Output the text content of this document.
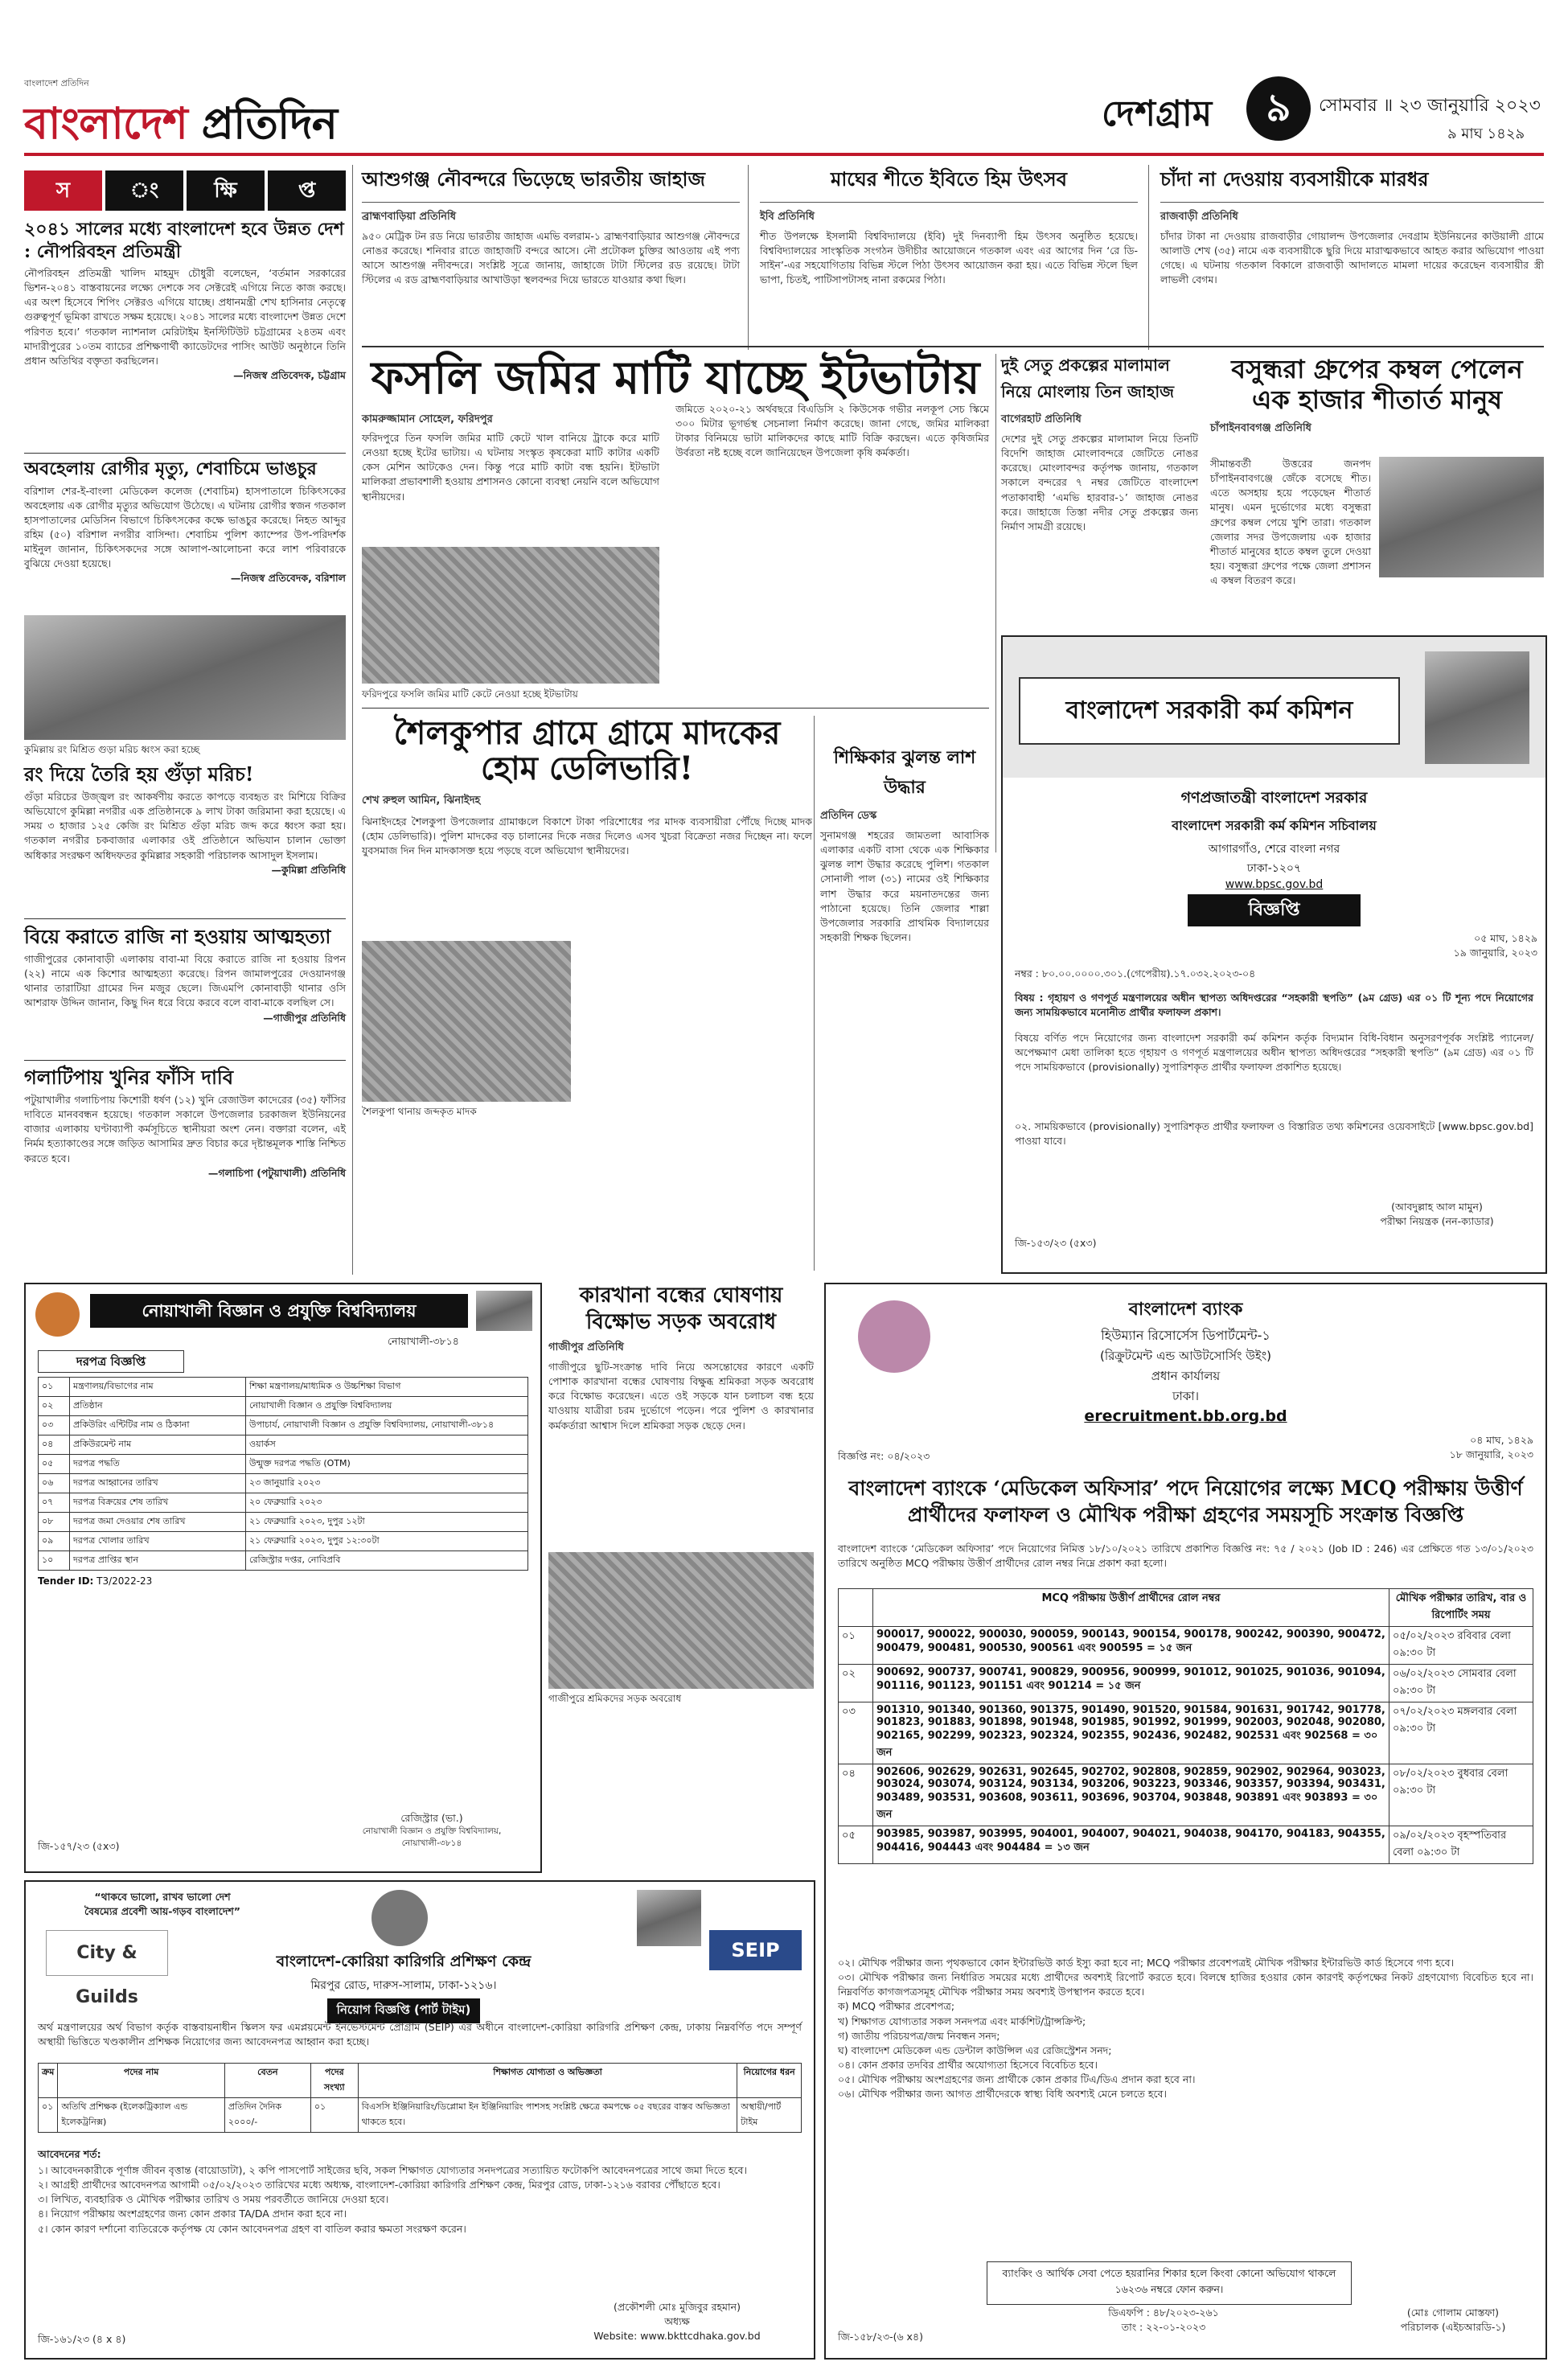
বাংলাদেশ প্রতিদিন
বাংলাদেশ প্রতিদিন	দেশগ্রাম	৯	সোমবার ॥ ২৩ জানুয়ারি ২০২৩
৯ মাঘ ১৪২৯
স	ং	ক্ষি	প্ত
২০৪১ সালের মধ্যে বাংলাদেশ হবে উন্নত দেশ : নৌপরিবহন প্রতিমন্ত্রী

নৌপরিবহন প্রতিমন্ত্রী খালিদ মাহমুদ চৌধুরী বলেছেন, ‘বর্তমান সরকারের ভিশন-২০৪১ বাস্তবায়নের লক্ষ্যে দেশকে সব সেক্টরেই এগিয়ে নিতে কাজ করছে। এর অংশ হিসেবে শিপিং সেক্টরও এগিয়ে যাচ্ছে। প্রধানমন্ত্রী শেখ হাসিনার নেতৃত্বে গুরুত্বপূর্ণ ভূমিকা রাখতে সক্ষম হয়েছে। ২০৪১ সালের মধ্যে বাংলাদেশ উন্নত দেশে পরিণত হবে।’ গতকাল ন্যাশনাল মেরিটাইম ইনস্টিটিউট চট্টগ্রামের ২৪তম এবং মাদারীপুরের ১০তম ব্যাচের প্রশিক্ষণার্থী ক্যাডেটদের পাসিং আউট অনুষ্ঠানে তিনি প্রধান অতিথির বক্তৃতা করছিলেন।

—নিজস্ব প্রতিবেদক, চট্টগ্রাম

অবহেলায় রোগীর মৃত্যু, শেবাচিমে ভাঙচুর

বরিশাল শের-ই-বাংলা মেডিকেল কলেজ (শেবাচিম) হাসপাতালে চিকিৎসকের অবহেলায় এক রোগীর মৃত্যুর অভিযোগ উঠেছে। এ ঘটনায় রোগীর স্বজন গতকাল হাসপাতালের মেডিসিন বিভাগে চিকিৎসকের কক্ষে ভাঙচুর করেছে। নিহত আব্দুর রহিম (৫০) বরিশাল নগরীর বাসিন্দা। শেবাচিম পুলিশ ক্যাম্পের উপ-পরিদর্শক মাইনুল জানান, চিকিৎসকদের সঙ্গে আলাপ-আলোচনা করে লাশ পরিবারকে বুঝিয়ে দেওয়া হয়েছে।

—নিজস্ব প্রতিবেদক, বরিশাল

কুমিল্লায় রং মিশ্রিত গুড়া মরিচ ধ্বংস করা হচ্ছে
রং দিয়ে তৈরি হয় গুঁড়া মরিচ!

গুঁড়া মরিচের উজ্জ্বল রং আকর্ষণীয় করতে কাপড়ে ব্যবহৃত রং মিশিয়ে বিক্রির অভিযোগে কুমিল্লা নগরীর এক প্রতিষ্ঠানকে ৯ লাখ টাকা জরিমানা করা হয়েছে। এ সময় ৩ হাজার ১২৫ কেজি রং মিশ্রিত গুঁড়া মরিচ জব্দ করে ধ্বংস করা হয়। গতকাল নগরীর চকবাজার এলাকার ওই প্রতিষ্ঠানে অভিযান চালান ভোক্তা অধিকার সংরক্ষণ অধিদফতর কুমিল্লার সহকারী পরিচালক আসাদুল ইসলাম।

—কুমিল্লা প্রতিনিধি

বিয়ে করাতে রাজি না হওয়ায় আত্মহত্যা

গাজীপুরের কোনাবাড়ী এলাকায় বাবা-মা বিয়ে করাতে রাজি না হওয়ায় রিপন (২২) নামে এক কিশোর আত্মহত্যা করেছে। রিপন জামালপুরের দেওয়ানগঞ্জ থানার তারাটিয়া গ্রামের দিন মজুর ছেলে। জিএমপি কোনাবাড়ী থানার ওসি আশরাফ উদ্দিন জানান, কিছু দিন ধরে বিয়ে করবে বলে বাবা-মাকে বলছিল সে।

—গাজীপুর প্রতিনিধি

গলাটিপায় খুনির ফাঁসি দাবি

পটুয়াখালীর গলাচিপায় কিশোরী ধর্ষণ (১২) খুনি রেজাউল কাদেরের (৩৫) ফাঁসির দাবিতে মানববন্ধন হয়েছে। গতকাল সকালে উপজেলার চরকাজল ইউনিয়নের বাজার এলাকায় ঘণ্টাব্যাপী কর্মসূচিতে স্থানীয়রা অংশ নেন। বক্তারা বলেন, এই নির্মম হত্যাকাণ্ডের সঙ্গে জড়িত আসামির দ্রুত বিচার করে দৃষ্টান্তমূলক শাস্তি নিশ্চিত করতে হবে।

—গলাচিপা (পটুয়াখালী) প্রতিনিধি

আশুগঞ্জ নৌবন্দরে ভিড়েছে ভারতীয় জাহাজ

ব্রাহ্মণবাড়িয়া প্রতিনিধি

৯৫০ মেট্রিক টন রড নিয়ে ভারতীয় জাহাজ এমভি বলরাম-১ ব্রাহ্মণবাড়িয়ার আশুগঞ্জ নৌবন্দরে নোঙর করেছে। শনিবার রাতে জাহাজটি বন্দরে আসে। নৌ প্রটোকল চুক্তির আওতায় এই পণ্য আসে আশুগঞ্জ নদীবন্দরে। সংশ্লিষ্ট সূত্রে জানায়, জাহাজে টাটা স্টিলের রড রয়েছে। টাটা স্টিলের এ রড ব্রাহ্মণবাড়িয়ার আখাউড়া স্থলবন্দর দিয়ে ভারতে যাওয়ার কথা ছিল।

মাঘের শীতে ইবিতে হিম উৎসব

ইবি প্রতিনিধি

শীত উপলক্ষে ইসলামী বিশ্ববিদ্যালয়ে (ইবি) দুই দিনব্যাপী হিম উৎসব অনুষ্ঠিত হয়েছে। বিশ্ববিদ্যালয়ের সাংস্কৃতিক সংগঠন উদীচীর আয়োজনে গতকাল এবং এর আগের দিন ‘রে ডি-সাইন’-এর সহযোগিতায় বিভিন্ন স্টলে পিঠা উৎসব আয়োজন করা হয়। এতে বিভিন্ন স্টলে ছিল ভাপা, চিতই, পাটিসাপটাসহ নানা রকমের পিঠা।

চাঁদা না দেওয়ায় ব্যবসায়ীকে মারধর

রাজবাড়ী প্রতিনিধি

চাঁদার টাকা না দেওয়ায় রাজবাড়ীর গোয়ালন্দ উপজেলার দেবগ্রাম ইউনিয়নের কাউয়ালী গ্রামে আলাউ শেখ (৩৫) নামে এক ব্যবসায়ীকে ছুরি দিয়ে মারাত্মকভাবে আহত করার অভিযোগ পাওয়া গেছে। এ ঘটনায় গতকাল বিকালে রাজবাড়ী আদালতে মামলা দায়ের করেছেন ব্যবসায়ীর স্ত্রী লাভলী বেগম।

ফসলি জমির মাটি যাচ্ছে ইটভাটায়

কামরুজ্জামান সোহেল, ফরিদপুর

ফরিদপুরে তিন ফসলি জমির মাটি কেটে খাল বানিয়ে ট্রাকে করে মাটি নেওয়া হচ্ছে ইটের ভাটায়। এ ঘটনায় সংস্কৃত কৃষকেরা মাটি কাটার একটি কেস মেশিন আটকেও দেন। কিন্তু পরে মাটি কাটা বন্ধ হয়নি। ইটভাটা মালিকরা প্রভাবশালী হওয়ায় প্রশাসনও কোনো ব্যবস্থা নেয়নি বলে অভিযোগ স্থানীয়দের।
ফরিদপুরে ফসলি জমির মাটি কেটে নেওয়া হচ্ছে ইটভাটায়
জমিতে ২০২০-২১ অর্থবছরে বিএডিসি ২ কিউসেক গভীর নলকূপ সেচ স্কিমে ৩০০ মিটার ভূগর্ভস্থ সেচনালা নির্মাণ করেছে। জানা গেছে, জমির মালিকরা টাকার বিনিময়ে ভাটা মালিকদের কাছে মাটি বিক্রি করছেন। এতে কৃষিজমির উর্বরতা নষ্ট হচ্ছে বলে জানিয়েছেন উপজেলা কৃষি কর্মকর্তা।
দুই সেতু প্রকল্পের মালামাল নিয়ে মোংলায় তিন জাহাজ

বাগেরহাট প্রতিনিধি

দেশের দুই সেতু প্রকল্পের মালামাল নিয়ে তিনটি বিদেশি জাহাজ মোংলাবন্দরে জেটিতে নোঙর করেছে। মোংলাবন্দর কর্তৃপক্ষ জানায়, গতকাল সকালে বন্দরের ৭ নম্বর জেটিতে বাংলাদেশ পতাকাবাহী ‘এমভি হারবার-১’ জাহাজ নোঙর করে। জাহাজে তিস্তা নদীর সেতু প্রকল্পের জন্য নির্মাণ সামগ্রী রয়েছে।

বসুন্ধরা গ্রুপের কম্বল পেলেন এক হাজার শীতার্ত মানুষ

চাঁপাইনবাবগঞ্জ প্রতিনিধি

সীমান্তবর্তী উত্তরের জনপদ চাঁপাইনবাবগঞ্জে জেঁকে বসেছে শীত। এতে অসহায় হয়ে পড়েছেন শীতার্ত মানুষ। এমন দুর্ভোগের মধ্যে বসুন্ধরা গ্রুপের কম্বল পেয়ে খুশি তারা। গতকাল জেলার সদর উপজেলায় এক হাজার শীতার্ত মানুষের হাতে কম্বল তুলে দেওয়া হয়। বসুন্ধরা গ্রুপের পক্ষে জেলা প্রশাসন এ কম্বল বিতরণ করে।
শৈলকুপার গ্রামে গ্রামে মাদকের হোম ডেলিভারি!

শেখ রুহুল আমিন, ঝিনাইদহ

ঝিনাইদহের শৈলকুপা উপজেলার গ্রামাঞ্চলে বিকাশে টাকা পরিশোধের পর মাদক ব্যবসায়ীরা পৌঁছে দিচ্ছে মাদক (হোম ডেলিভারি)। পুলিশ মাদকের বড় চালানের দিকে নজর দিলেও এসব খুচরা বিক্রেতা নজর দিচ্ছেন না। ফলে যুবসমাজ দিন দিন মাদকাসক্ত হয়ে পড়ছে বলে অভিযোগ স্থানীয়দের।

শৈলকুপা থানায় জব্দকৃত মাদক
শিক্ষিকার ঝুলন্ত লাশ উদ্ধার

প্রতিদিন ডেস্ক

সুনামগঞ্জ শহরের জামতলা আবাসিক এলাকার একটি বাসা থেকে এক শিক্ষিকার ঝুলন্ত লাশ উদ্ধার করেছে পুলিশ। গতকাল সোনালী পাল (৩১) নামের ওই শিক্ষিকার লাশ উদ্ধার করে ময়নাতদন্তের জন্য পাঠানো হয়েছে। তিনি জেলার শাল্লা উপজেলার সরকারি প্রাথমিক বিদ্যালয়ের সহকারী শিক্ষক ছিলেন।

বাংলাদেশ সরকারী কর্ম কমিশন
গণপ্রজাতন্ত্রী বাংলাদেশ সরকার
বাংলাদেশ সরকারী কর্ম কমিশন সচিবালয়
আগারগাঁও, শেরে বাংলা নগর
ঢাকা-১২০৭
www.bpsc.gov.bd
বিজ্ঞপ্তি
০৫ মাঘ, ১৪২৯
১৯ জানুয়ারি, ২০২৩
নম্বর : ৮০.০০.০০০০.৩০১.(গেপেরীয়).১৭.০৩২.২০২৩-০৪
বিষয় : গৃহায়ণ ও গণপূর্ত মন্ত্রণালয়ের অধীন স্থাপত্য অধিদপ্তরের “সহকারী স্থপতি” (৯ম গ্রেড) এর ০১ টি শূন্য পদে নিয়োগের জন্য সাময়িকভাবে মনোনীত প্রার্থীর ফলাফল প্রকাশ।
বিষয়ে বর্ণিত পদে নিয়োগের জন্য বাংলাদেশ সরকারী কর্ম কমিশন কর্তৃক বিদ্যমান বিধি-বিধান অনুসরণপূর্বক সংশ্লিষ্ট প্যানেল/অপেক্ষমাণ মেধা তালিকা হতে গৃহায়ণ ও গণপূর্ত মন্ত্রণালয়ের অধীন স্থাপত্য অধিদপ্তরের “সহকারী স্থপতি” (৯ম গ্রেড) এর ০১ টি পদে সাময়িকভাবে (provisionally) সুপারিশকৃত প্রার্থীর ফলাফল প্রকাশিত হয়েছে।
০২. সাময়িকভাবে (provisionally) সুপারিশকৃত প্রার্থীর ফলাফল ও বিস্তারিত তথ্য কমিশনের ওয়েবসাইটে [www.bpsc.gov.bd] পাওয়া যাবে।
(আবদুল্লাহ আল মামুন)
পরীক্ষা নিয়ন্ত্রক (নন-ক্যাডার)
জি-১৫৩/২৩ (৫x৩)
নোয়াখালী বিজ্ঞান ও প্রযুক্তি বিশ্ববিদ্যালয়
নোয়াখালী-৩৮১৪
দরপত্র বিজ্ঞপ্তি
০১	মন্ত্রণালয়/বিভাগের নাম	শিক্ষা মন্ত্রণালয়/মাধ্যমিক ও উচ্চশিক্ষা বিভাগ
০২	প্রতিষ্ঠান	নোয়াখালী বিজ্ঞান ও প্রযুক্তি বিশ্ববিদ্যালয়
০৩	প্রকিউরিং এন্টিটির নাম ও ঠিকানা	উপাচার্য, নোয়াখালী বিজ্ঞান ও প্রযুক্তি বিশ্ববিদ্যালয়, নোয়াখালী-৩৮১৪
০৪	প্রকিউরমেন্ট নাম	ওয়ার্কস
০৫	দরপত্র পদ্ধতি	উন্মুক্ত দরপত্র পদ্ধতি (OTM)
০৬	দরপত্র আহ্বানের তারিখ	২৩ জানুয়ারি ২০২৩
০৭	দরপত্র বিক্রয়ের শেষ তারিখ	২০ ফেব্রুয়ারি ২০২৩
০৮	দরপত্র জমা দেওয়ার শেষ তারিখ	২১ ফেব্রুয়ারি ২০২৩, দুপুর ১২টা
০৯	দরপত্র খোলার তারিখ	২১ ফেব্রুয়ারি ২০২৩, দুপুর ১২:৩০টা
১০	দরপত্র প্রাপ্তির স্থান	রেজিস্ট্রার দপ্তর, নোবিপ্রবি
Tender ID: T3/2022-23
রেজিস্ট্রার (ভা.)
নোয়াখালী বিজ্ঞান ও প্রযুক্তি বিশ্ববিদ্যালয়, নোয়াখালী-৩৮১৪
জি-১৫৭/২৩ (৫x৩)
কারখানা বন্ধের ঘোষণায় বিক্ষোভ সড়ক অবরোধ

গাজীপুর প্রতিনিধি

গাজীপুরে ছুটি-সংক্রান্ত দাবি নিয়ে অসন্তোষের কারণে একটি পোশাক কারখানা বন্ধের ঘোষণায় বিক্ষুব্ধ শ্রমিকরা সড়ক অবরোধ করে বিক্ষোভ করেছেন। এতে ওই সড়কে যান চলাচল বন্ধ হয়ে যাওয়ায় যাত্রীরা চরম দুর্ভোগে পড়েন। পরে পুলিশ ও কারখানার কর্মকর্তারা আশ্বাস দিলে শ্রমিকরা সড়ক ছেড়ে দেন।

গাজীপুরে শ্রমিকদের সড়ক অবরোধ
বাংলাদেশ ব্যাংক
হিউম্যান রিসোর্সেস ডিপার্টমেন্ট-১
(রিক্রুটমেন্ট এন্ড আউটসোর্সিং উইং)
প্রধান কার্যালয়
ঢাকা।
erecruitment.bb.org.bd
বিজ্ঞপ্তি নং: ০৪/২০২৩
০৪ মাঘ, ১৪২৯
১৮ জানুয়ারি, ২০২৩
বাংলাদেশ ব্যাংকে ‘মেডিকেল অফিসার’ পদে নিয়োগের লক্ষ্যে MCQ পরীক্ষায় উত্তীর্ণ প্রার্থীদের ফলাফল ও মৌখিক পরীক্ষা গ্রহণের সময়সূচি সংক্রান্ত বিজ্ঞপ্তি
বাংলাদেশ ব্যাংকে ‘মেডিকেল অফিসার’ পদে নিয়োগের নিমিত্ত ১৮/১০/২০২১ তারিখে প্রকাশিত বিজ্ঞপ্তি নং: ৭৫ / ২০২১ (Job ID : 246) এর প্রেক্ষিতে গত ১৩/০১/২০২৩ তারিখে অনুষ্ঠিত MCQ পরীক্ষায় উত্তীর্ণ প্রার্থীদের রোল নম্বর নিম্নে প্রকাশ করা হলো।
	MCQ পরীক্ষায় উত্তীর্ণ প্রার্থীদের রোল নম্বর	মৌখিক পরীক্ষার তারিখ, বার ও রিপোর্টিং সময়
০১	900017, 900022, 900030, 900059, 900143, 900154, 900178, 900242, 900390, 900472, 900479, 900481, 900530, 900561 এবং 900595 = ১৫ জন	০৫/০২/২০২৩ রবিবার বেলা ০৯:৩০ টা
০২	900692, 900737, 900741, 900829, 900956, 900999, 901012, 901025, 901036, 901094, 901116, 901123, 901151 এবং 901214 = ১৫ জন	০৬/০২/২০২৩ সোমবার বেলা ০৯:৩০ টা
০৩	901310, 901340, 901360, 901375, 901490, 901520, 901584, 901631, 901742, 901778, 901823, 901883, 901898, 901948, 901985, 901992, 901999, 902003, 902048, 902080, 902165, 902299, 902323, 902324, 902355, 902436, 902482, 902531 এবং 902568 = ৩০ জন	০৭/০২/২০২৩ মঙ্গলবার বেলা ০৯:৩০ টা
০৪	902606, 902629, 902631, 902645, 902702, 902808, 902859, 902902, 902964, 903023, 903024, 903074, 903124, 903134, 903206, 903223, 903346, 903357, 903394, 903431, 903489, 903531, 903608, 903611, 903696, 903704, 903848, 903891 এবং 903893 = ৩০ জন	০৮/০২/২০২৩ বুধবার বেলা ০৯:৩০ টা
০৫	903985, 903987, 903995, 904001, 904007, 904021, 904038, 904170, 904183, 904355, 904416, 904443 এবং 904484 = ১৩ জন	০৯/০২/২০২৩ বৃহস্পতিবার বেলা ০৯:৩০ টা

০২। মৌখিক পরীক্ষার জন্য পৃথকভাবে কোন ইন্টারভিউ কার্ড ইস্যু করা হবে না; MCQ পরীক্ষার প্রবেশপত্রই মৌখিক পরীক্ষার ইন্টারভিউ কার্ড হিসেবে গণ্য হবে।

০৩। মৌখিক পরীক্ষার জন্য নির্ধারিত সময়ের মধ্যে প্রার্থীদের অবশ্যই রিপোর্ট করতে হবে। বিলম্বে হাজির হওয়ার কোন কারণই কর্তৃপক্ষের নিকট গ্রহণযোগ্য বিবেচিত হবে না। নিম্নবর্ণিত কাগজপত্রসমূহ মৌখিক পরীক্ষার সময় অবশ্যই উপস্থাপন করতে হবে।

ক) MCQ পরীক্ষার প্রবেশপত্র;

খ) শিক্ষাগত যোগ্যতার সকল সনদপত্র এবং মার্কশিট/ট্রান্সক্রিপ্ট;

গ) জাতীয় পরিচয়পত্র/জন্ম নিবন্ধন সনদ;

ঘ) বাংলাদেশ মেডিকেল এন্ড ডেন্টাল কাউন্সিল এর রেজিস্ট্রেশন সনদ;

০৪। কোন প্রকার তদবির প্রার্থীর অযোগ্যতা হিসেবে বিবেচিত হবে।

০৫। মৌখিক পরীক্ষায় অংশগ্রহণের জন্য প্রার্থীকে কোন প্রকার টিএ/ডিএ প্রদান করা হবে না।

০৬। মৌখিক পরীক্ষার জন্য আগত প্রার্থীদেরকে স্বাস্থ্য বিধি অবশ্যই মেনে চলতে হবে।

ব্যাংকিং ও আর্থিক সেবা পেতে হয়রানির শিকার হলে কিংবা কোনো অভিযোগ থাকলে ১৬২৩৬ নম্বরে ফোন করুন।
ডিএফপি : ৪৮/২০২৩-২৬১
তাং : ২২-০১-২০২৩
জি-১৫৮/২৩-(৬ x৪)
(মোঃ গোলাম মোস্তফা)
পরিচালক (এইচআরডি-১)
“থাকবে ভালো, রাখব ভালো দেশ
বৈষম্যের প্রবেশী আয়-গড়ব বাংলাদেশ”
City & Guilds
বাংলাদেশ-কোরিয়া কারিগরি প্রশিক্ষণ কেন্দ্র
মিরপুর রোড, দারুস-সালাম, ঢাকা-১২১৬।
নিয়োগ বিজ্ঞপ্তি (পার্ট টাইম)
SEIP
অর্থ মন্ত্রণালয়ের অর্থ বিভাগ কর্তৃক বাস্তবায়নাধীন স্কিলস ফর এমপ্লয়মেন্ট ইনভেস্টমেন্ট প্রোগ্রাম (SEIP) এর অধীনে বাংলাদেশ-কোরিয়া কারিগরি প্রশিক্ষণ কেন্দ্র, ঢাকায় নিম্নবর্ণিত পদে সম্পূর্ণ অস্থায়ী ভিত্তিতে খণ্ডকালীন প্রশিক্ষক নিয়োগের জন্য আবেদনপত্র আহ্বান করা হচ্ছে।
ক্রম	পদের নাম	বেতন	পদের সংখ্যা	শিক্ষাগত যোগ্যতা ও অভিজ্ঞতা	নিয়োগের ধরন
০১	অতিথি প্রশিক্ষক (ইলেকট্রিক্যাল এন্ড ইলেকট্রনিক্স)	প্রতিদিন দৈনিক ২০০০/-	০১	বিএসসি ইঞ্জিনিয়ারিং/ডিপ্লোমা ইন ইঞ্জিনিয়ারিং পাশসহ সংশ্লিষ্ট ক্ষেত্রে কমপক্ষে ০৫ বছরের বাস্তব অভিজ্ঞতা থাকতে হবে।	অস্থায়ী/পার্ট টাইম
আবেদনের শর্ত:

১। আবেদনকারীকে পূর্ণাঙ্গ জীবন বৃত্তান্ত (বায়োডাটা), ২ কপি পাসপোর্ট সাইজের ছবি, সকল শিক্ষাগত যোগ্যতার সনদপত্রের সত্যায়িত ফটোকপি আবেদনপত্রের সাথে জমা দিতে হবে।

২। আগ্রহী প্রার্থীদের আবেদনপত্র আগামী ০৫/০২/২০২৩ তারিখের মধ্যে অধ্যক্ষ, বাংলাদেশ-কোরিয়া কারিগরি প্রশিক্ষণ কেন্দ্র, মিরপুর রোড, ঢাকা-১২১৬ বরাবর পৌঁছাতে হবে।

৩। লিখিত, ব্যবহারিক ও মৌখিক পরীক্ষার তারিখ ও সময় পরবর্তীতে জানিয়ে দেওয়া হবে।

৪। নিয়োগ পরীক্ষায় অংশগ্রহণের জন্য কোন প্রকার TA/DA প্রদান করা হবে না।

৫। কোন কারণ দর্শানো ব্যতিরেকে কর্তৃপক্ষ যে কোন আবেদনপত্র গ্রহণ বা বাতিল করার ক্ষমতা সংরক্ষণ করেন।

(প্রকৌশলী মোঃ মুজিবুর রহমান)
অধ্যক্ষ
Website: www.bkttcdhaka.gov.bd
জি-১৬১/২৩ (৪ x ৪)
